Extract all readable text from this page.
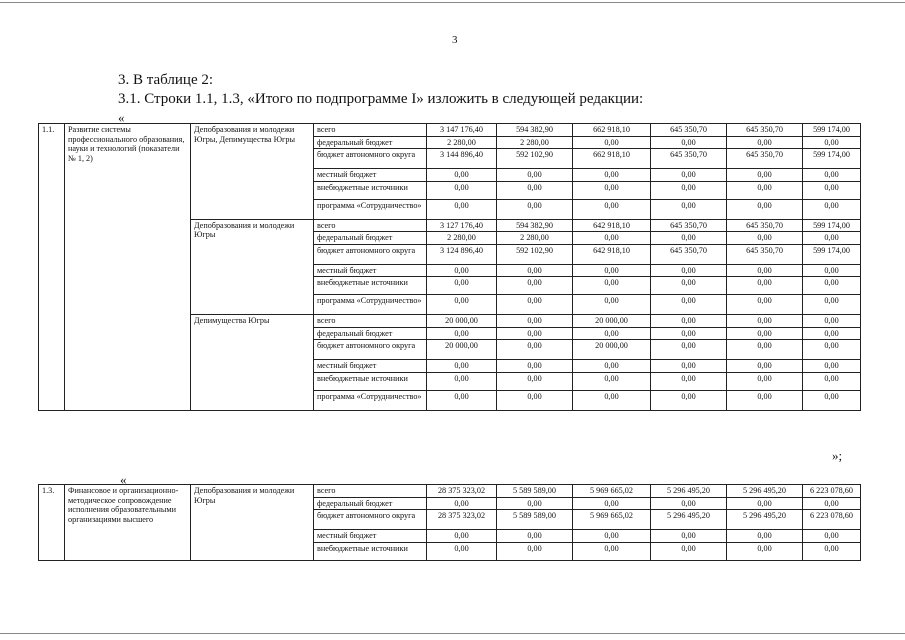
3
3. В таблице 2:
3.1. Строки 1.1, 1.3, «Итого по подпрограмме I» изложить в следующей редакции:
«
1.1.	Развитие системы профессионального образования, науки и технологий (показатели № 1, 2)	Депобразования и молодежи Югры, Депимущества Югры	всего	3 147 176,40	594 382,90	662 918,10	645 350,70	645 350,70	599 174,00
			федеральный бюджет	2 280,00	2 280,00	0,00	0,00	0,00	0,00
			бюджет автономного округа	3 144 896,40	592 102,90	662 918,10	645 350,70	645 350,70	599 174,00
			местный бюджет	0,00	0,00	0,00	0,00	0,00	0,00
			внебюджетные источники	0,00	0,00	0,00	0,00	0,00	0,00
			программа «Сотрудничество»	0,00	0,00	0,00	0,00	0,00	0,00
		Депобразования и молодежи Югры	всего	3 127 176,40	594 382,90	642 918,10	645 350,70	645 350,70	599 174,00
			федеральный бюджет	2 280,00	2 280,00	0,00	0,00	0,00	0,00
			бюджет автономного округа	3 124 896,40	592 102,90	642 918,10	645 350,70	645 350,70	599 174,00
			местный бюджет	0,00	0,00	0,00	0,00	0,00	0,00
			внебюджетные источники	0,00	0,00	0,00	0,00	0,00	0,00
			программа «Сотрудничество»	0,00	0,00	0,00	0,00	0,00	0,00
		Депимущества Югры	всего	20 000,00	0,00	20 000,00	0,00	0,00	0,00
			федеральный бюджет	0,00	0,00	0,00	0,00	0,00	0,00
			бюджет автономного округа	20 000,00	0,00	20 000,00	0,00	0,00	0,00
			местный бюджет	0,00	0,00	0,00	0,00	0,00	0,00
			внебюджетные источники	0,00	0,00	0,00	0,00	0,00	0,00
			программа «Сотрудничество»	0,00	0,00	0,00	0,00	0,00	0,00
»;
«
1.3.	Финансовое и организационно-методическое сопровождение исполнения образовательными организациями высшего	Депобразования и молодежи Югры	всего	28 375 323,02	5 589 589,00	5 969 665,02	5 296 495,20	5 296 495,20	6 223 078,60
			федеральный бюджет	0,00	0,00	0,00	0,00	0,00	0,00
			бюджет автономного округа	28 375 323,02	5 589 589,00	5 969 665,02	5 296 495,20	5 296 495,20	6 223 078,60
			местный бюджет	0,00	0,00	0,00	0,00	0,00	0,00
			внебюджетные источники	0,00	0,00	0,00	0,00	0,00	0,00
